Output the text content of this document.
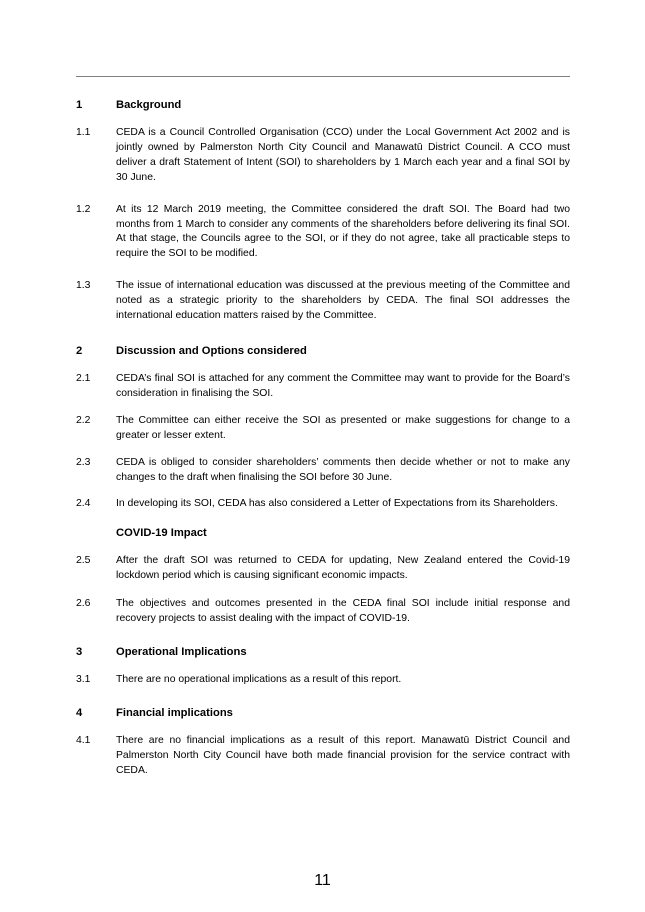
1	Background
1.1	CEDA is a Council Controlled Organisation (CCO) under the Local Government Act 2002 and is jointly owned by Palmerston North City Council and Manawatū District Council. A CCO must deliver a draft Statement of Intent (SOI) to shareholders by 1 March each year and a final SOI by 30 June.
1.2	At its 12 March 2019 meeting, the Committee considered the draft SOI. The Board had two months from 1 March to consider any comments of the shareholders before delivering its final SOI. At that stage, the Councils agree to the SOI, or if they do not agree, take all practicable steps to require the SOI to be modified.
1.3	The issue of international education was discussed at the previous meeting of the Committee and noted as a strategic priority to the shareholders by CEDA. The final SOI addresses the international education matters raised by the Committee.
2	Discussion and Options considered
2.1	CEDA’s final SOI is attached for any comment the Committee may want to provide for the Board’s consideration in finalising the SOI.
2.2	The Committee can either receive the SOI as presented or make suggestions for change to a greater or lesser extent.
2.3	CEDA is obliged to consider shareholders’ comments then decide whether or not to make any changes to the draft when finalising the SOI before 30 June.
2.4	In developing its SOI, CEDA has also considered a Letter of Expectations from its Shareholders.
COVID-19 Impact
2.5	After the draft SOI was returned to CEDA for updating, New Zealand entered the Covid-19 lockdown period which is causing significant economic impacts.
2.6	The objectives and outcomes presented in the CEDA final SOI include initial response and recovery projects to assist dealing with the impact of COVID-19.
3	Operational Implications
3.1	There are no operational implications as a result of this report.
4	Financial implications
4.1	There are no financial implications as a result of this report. Manawatū District Council and Palmerston North City Council have both made financial provision for the service contract with CEDA.
11
